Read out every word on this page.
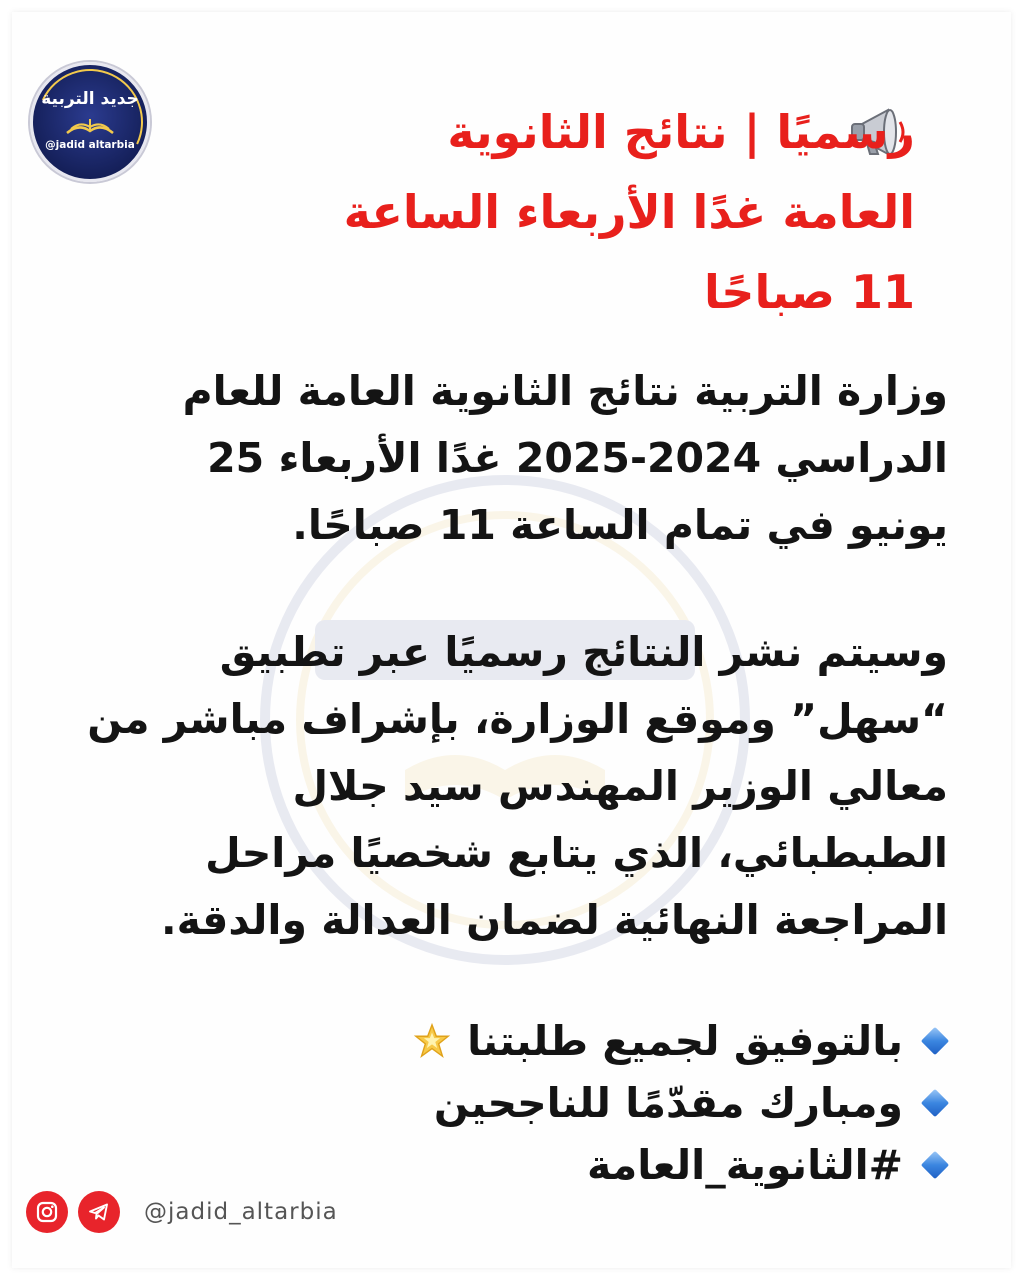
جديد التربية
@jadid altarbia	رسميًا | نتائج الثانوية
العامة غدًا الأربعاء الساعة
11 صباحًا
وزارة التربية نتائج الثانوية العامة للعام
الدراسي 2024-2025 غدًا الأربعاء 25
يونيو في تمام الساعة 11 صباحًا.
وسيتم نشر النتائج رسميًا عبر تطبيق
“سهل” وموقع الوزارة، بإشراف مباشر من
معالي الوزير المهندس سيد جلال
الطبطبائي، الذي يتابع شخصيًا مراحل
المراجعة النهائية لضمان العدالة والدقة.
بالتوفيق لجميع طلبتنا
ومبارك مقدّمًا للناجحين
#الثانوية_العامة
@jadid_altarbia
